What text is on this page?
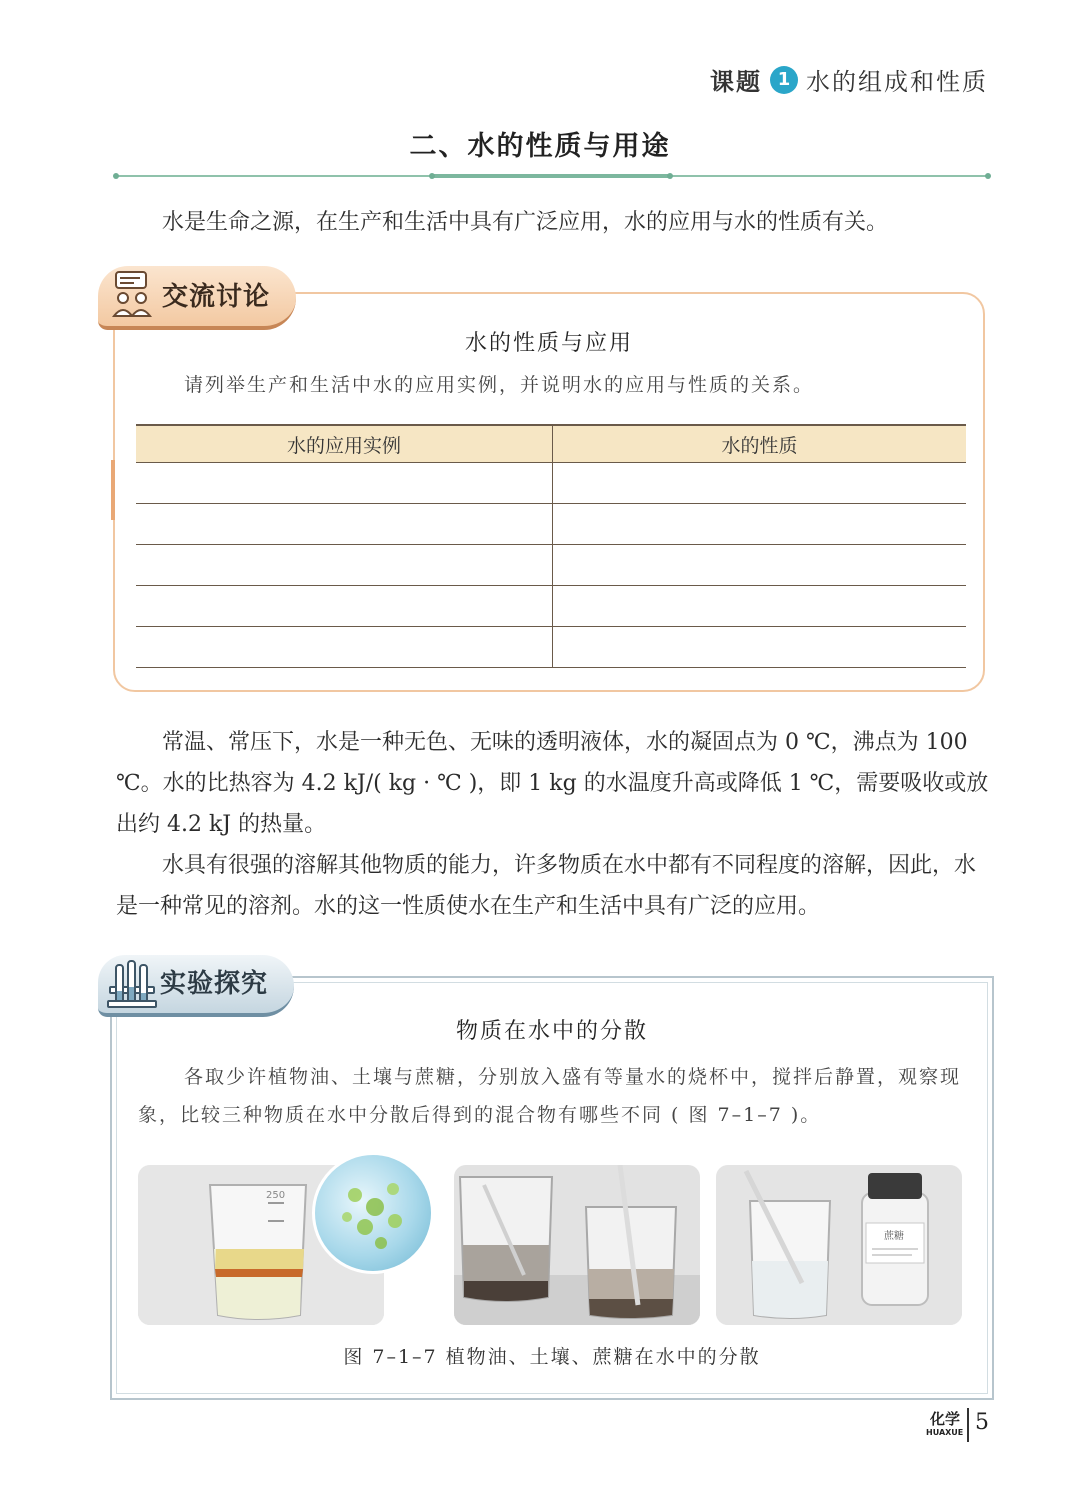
课题 1 水的组成和性质
二、水的性质与用途

水是生命之源，在生产和生活中具有广泛应用，水的应用与水的性质有关。

交流讨论
水的性质与应用
请列举生产和生活中水的应用实例，并说明水的应用与性质的关系。
水的应用实例	水的性质

常温、常压下，水是一种无色、无味的透明液体，水的凝固点为 0 ℃，沸点为 100 ℃。水的比热容为 4.2 kJ/( kg · ℃ )，即 1 kg 的水温度升高或降低 1 ℃，需要吸收或放出约 4.2 kJ 的热量。

水具有很强的溶解其他物质的能力，许多物质在水中都有不同程度的溶解，因此，水是一种常见的溶剂。水的这一性质使水在生产和生活中具有广泛的应用。

实验探究
物质在水中的分散

各取少许植物油、土壤与蔗糖，分别放入盛有等量水的烧杯中，搅拌后静置，观察现象，比较三种物质在水中分散后得到的混合物有哪些不同 ( 图 7–1–7 )。

250
蔗糖
图 7–1–7 植物油、土壤、蔗糖在水中的分散
化学
HUAXUE 5
